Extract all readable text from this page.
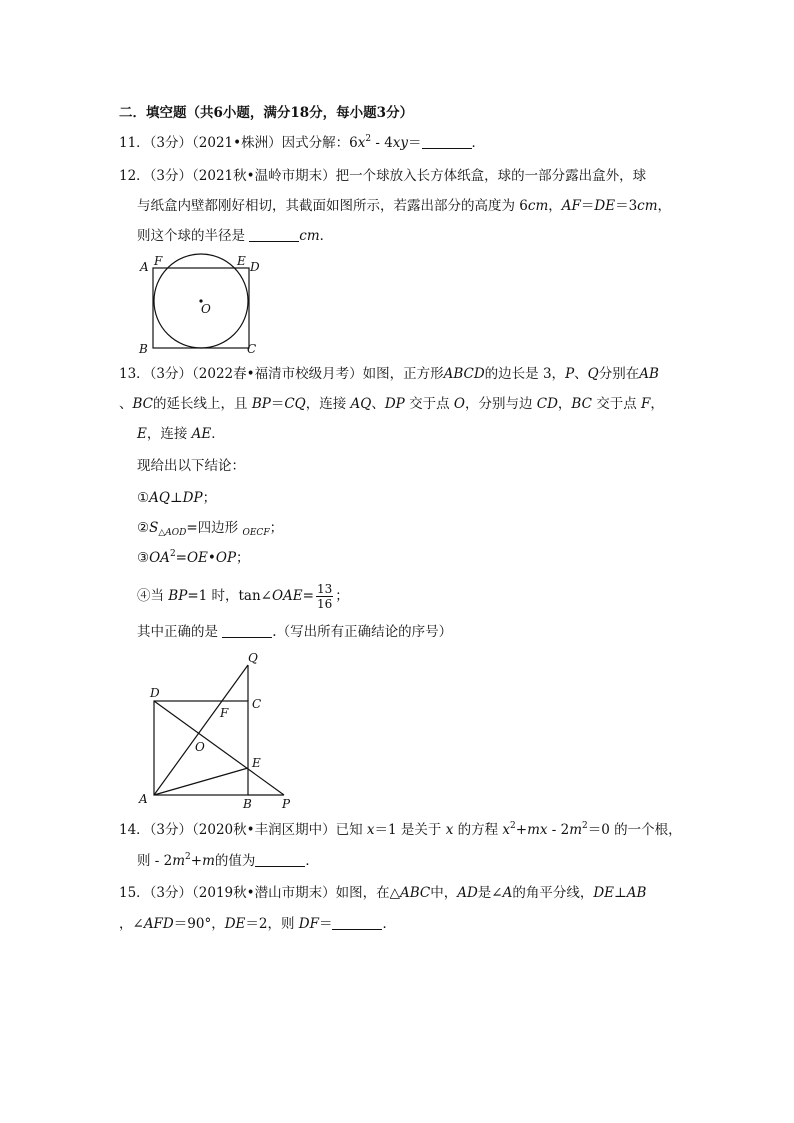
二．填空题（共6小题，满分18分，每小题3分）
11．（3分）（2021•株洲）因式分解：$6x^2 - 4xy=$	．
12．（3分）（2021秋•温岭市期末）把一个球放入长方体纸盒，球的一部分露出盒外，球
与纸盒内壁都刚好相切，其截面如图所示，若露出部分的高度为 6cm，AF＝DE＝3cm，
则这个球的半径是	cm．
A F	E D
O
B	C
13．（3分）（2022春•福清市校级月考）如图，正方形ABCD的边长是 3，P、Q分别在AB
、BC的延长线上，且 BP＝CQ，连接 AQ、DP 交于点 O，分别与边 CD，BC 交于点 F，
E，连接 AE．
现给出以下结论：
①AQ⊥DP；
$②S_{\triangle AOD}=$四边形 $_{OECF}$；
$③OA^2=OE•OP$；
④当 BP=1 时，tan∠OAE= $\frac{13}{16}$ ；
其中正确的是	.（写出所有正确结论的序号）
Q
D
C
F
O
E
A	B	P
14．（3分）（2020秋•丰润区期中）已知 x＝1 是关于 x 的方程 $x^2+mx - 2m^2=0$ 的一个根，
则 - $2m^2+m$的值为	．
15．（3分）（2019秋•潜山市期末）如图，在△ABC中，AD是∠A的角平分线，DE⊥AB
，∠AFD＝90°，DE＝2，则 DF＝	．
